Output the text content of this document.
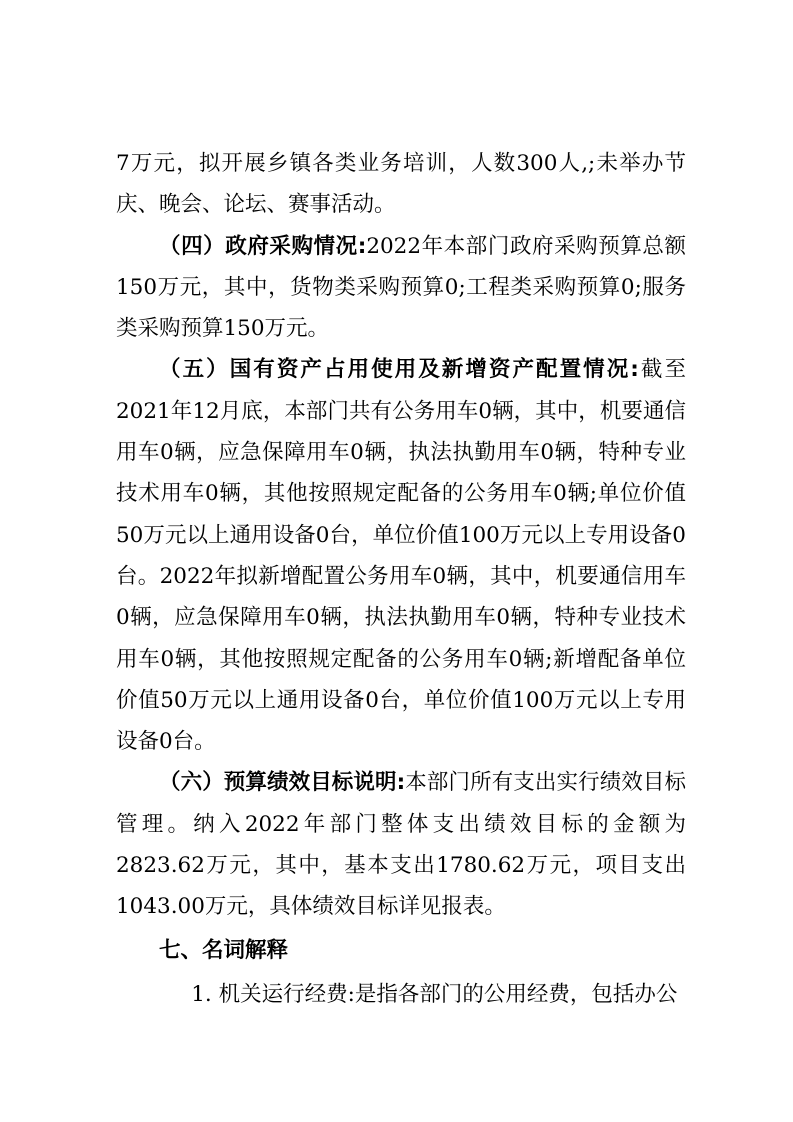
7万元，拟开展乡镇各类业务培训，人数300人,;未举办节庆、晚会、论坛、赛事活动。

（四）政府采购情况:2022年本部门政府采购预算总额150万元，其中，货物类采购预算0;工程类采购预算0;服务类采购预算150万元。

（五）国有资产占用使用及新增资产配置情况:截至2021年12月底，本部门共有公务用车0辆，其中，机要通信用车0辆，应急保障用车0辆，执法执勤用车0辆，特种专业技术用车0辆，其他按照规定配备的公务用车0辆;单位价值50万元以上通用设备0台，单位价值100万元以上专用设备0台。2022年拟新增配置公务用车0辆，其中，机要通信用车0辆，应急保障用车0辆，执法执勤用车0辆，特种专业技术用车0辆，其他按照规定配备的公务用车0辆;新增配备单位价值50万元以上通用设备0台，单位价值100万元以上专用设备0台。

（六）预算绩效目标说明:本部门所有支出实行绩效目标管理。纳入2022年部门整体支出绩效目标的金额为2823.62万元，其中，基本支出1780.62万元，项目支出1043.00万元，具体绩效目标详见报表。

七、名词解释

1. 机关运行经费:是指各部门的公用经费，包括办公
